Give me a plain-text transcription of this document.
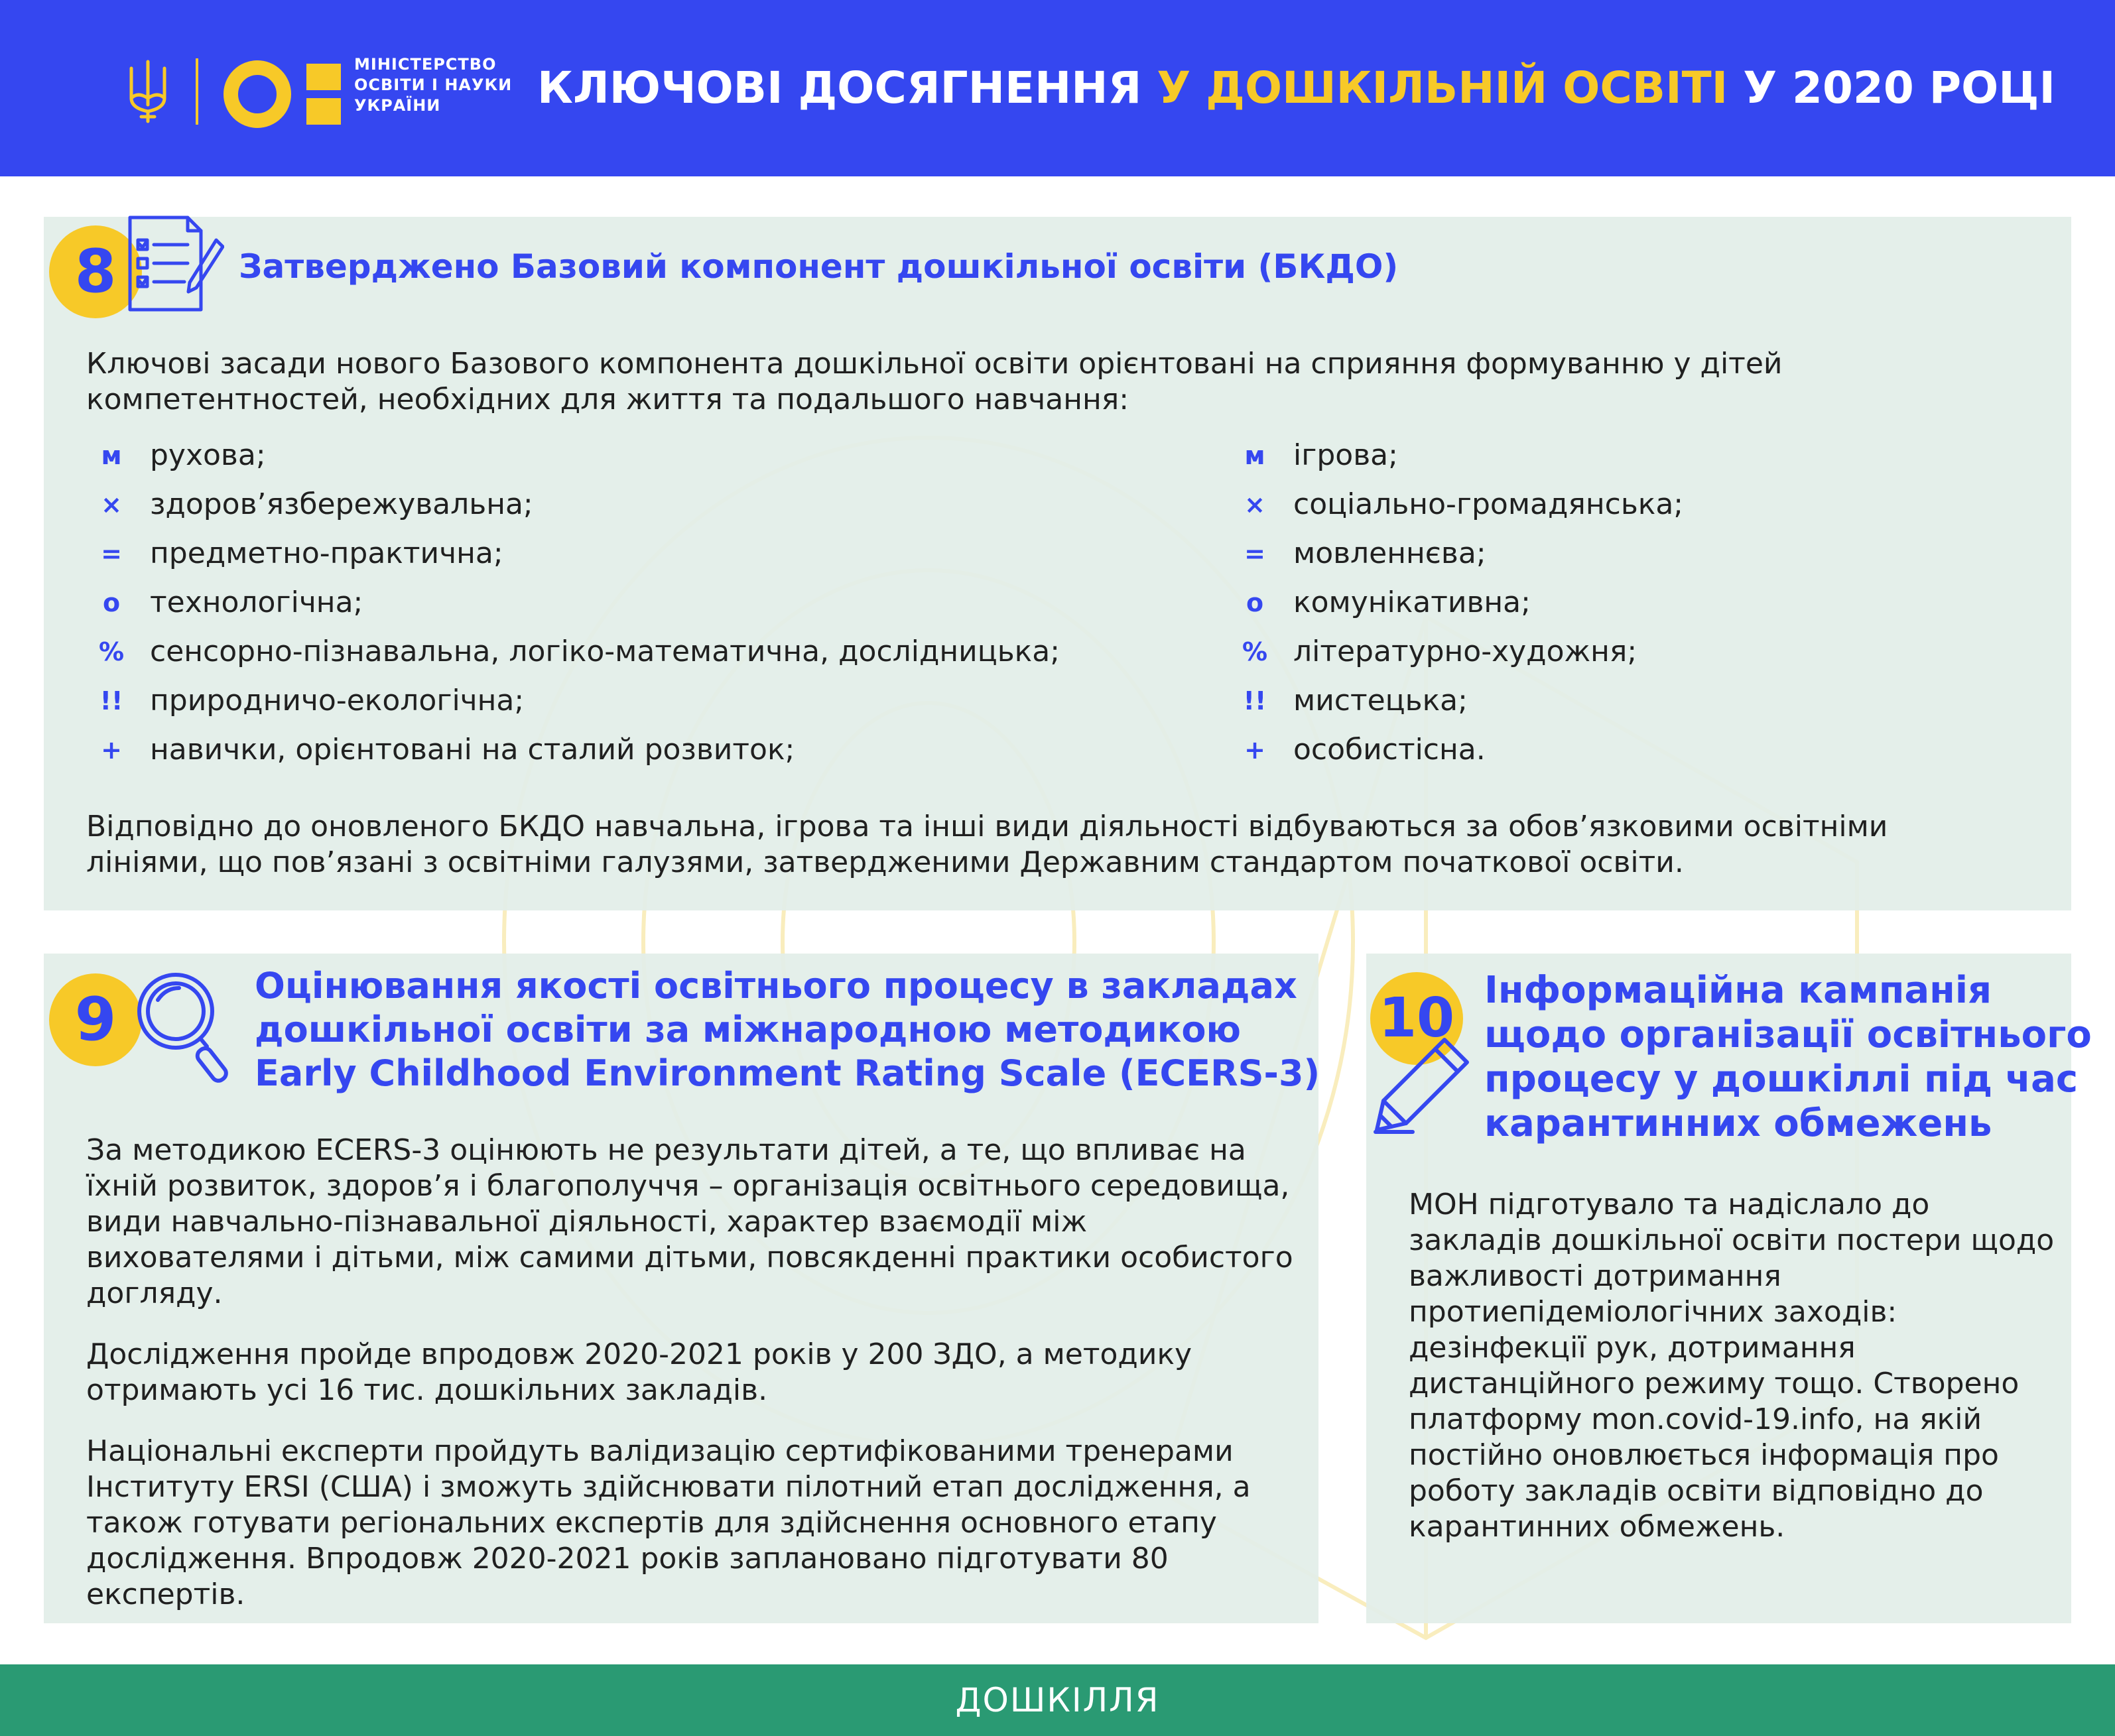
МІНІСТЕРСТВО
ОСВІТИ І НАУКИ
УКРАЇНИ	КЛЮЧОВІ ДОСЯГНЕННЯ У ДОШКІЛЬНІЙ ОСВІТІ У 2020 РОЦІ
8	Затверджено Базовий компонент дошкільної освіти (БКДО)
Ключові засади нового Базового компонента дошкільної освіти орієнтовані на сприяння формуванню у дітей компетентностей, необхідних для життя та подальшого навчання:
м рухова;
× здоров’язбережувальна;
= предметно-практична;
о технологічна;
% сенсорно-пізнавальна, логіко-математична, дослідницька;
!! природничо-екологічна;
+ навички, орієнтовані на сталий розвиток;
м ігрова;
× соціально-громадянська;
= мовленнєва;
о комунікативна;
% літературно-художня;
!! мистецька;
+ особистісна.
Відповідно до оновленого БКДО навчальна, ігрова та інші види діяльності відбуваються за обов’язковими освітніми лініями, що пов’язані з освітніми галузями, затвердженими Державним стандартом початкової освіти.
9	Оцінювання якості освітнього процесу в закладах
дошкільної освіти за міжнародною методикою
Early Childhood Environment Rating Scale (ECERS-3)

За методикою ECERS-3 оцінюють не результати дітей, а те, що впливає на їхній розвиток, здоров’я і благополуччя – організація освітнього середовища, види навчально-пізнавальної діяльності, характер взаємодії між вихователями і дітьми, між самими дітьми, повсякденні практики особистого догляду.

Дослідження пройде впродовж 2020-2021 років у 200 ЗДО, а методику отримають усі 16 тис. дошкільних закладів.

Національні експерти пройдуть валідизацію сертифікованими тренерами Інституту ERSI (США) і зможуть здійснювати пілотний етап дослідження, а також готувати регіональних експертів для здійснення основного етапу дослідження. Впродовж 2020-2021 років заплановано підготувати 80 експертів.

10 Інформаційна кампанія
щодо організації освітнього
процесу у дошкіллі під час
карантинних обмежень
МОН підготувало та надіслало до закладів дошкільної освіти постери щодо важливості дотримання протиепідеміологічних заходів: дезінфекції рук, дотримання дистанційного режиму тощо. Створено платформу mon.covid-19.info, на якій постійно оновлюється інформація про роботу закладів освіти відповідно до карантинних обмежень.
ДОШКІЛЛЯ
